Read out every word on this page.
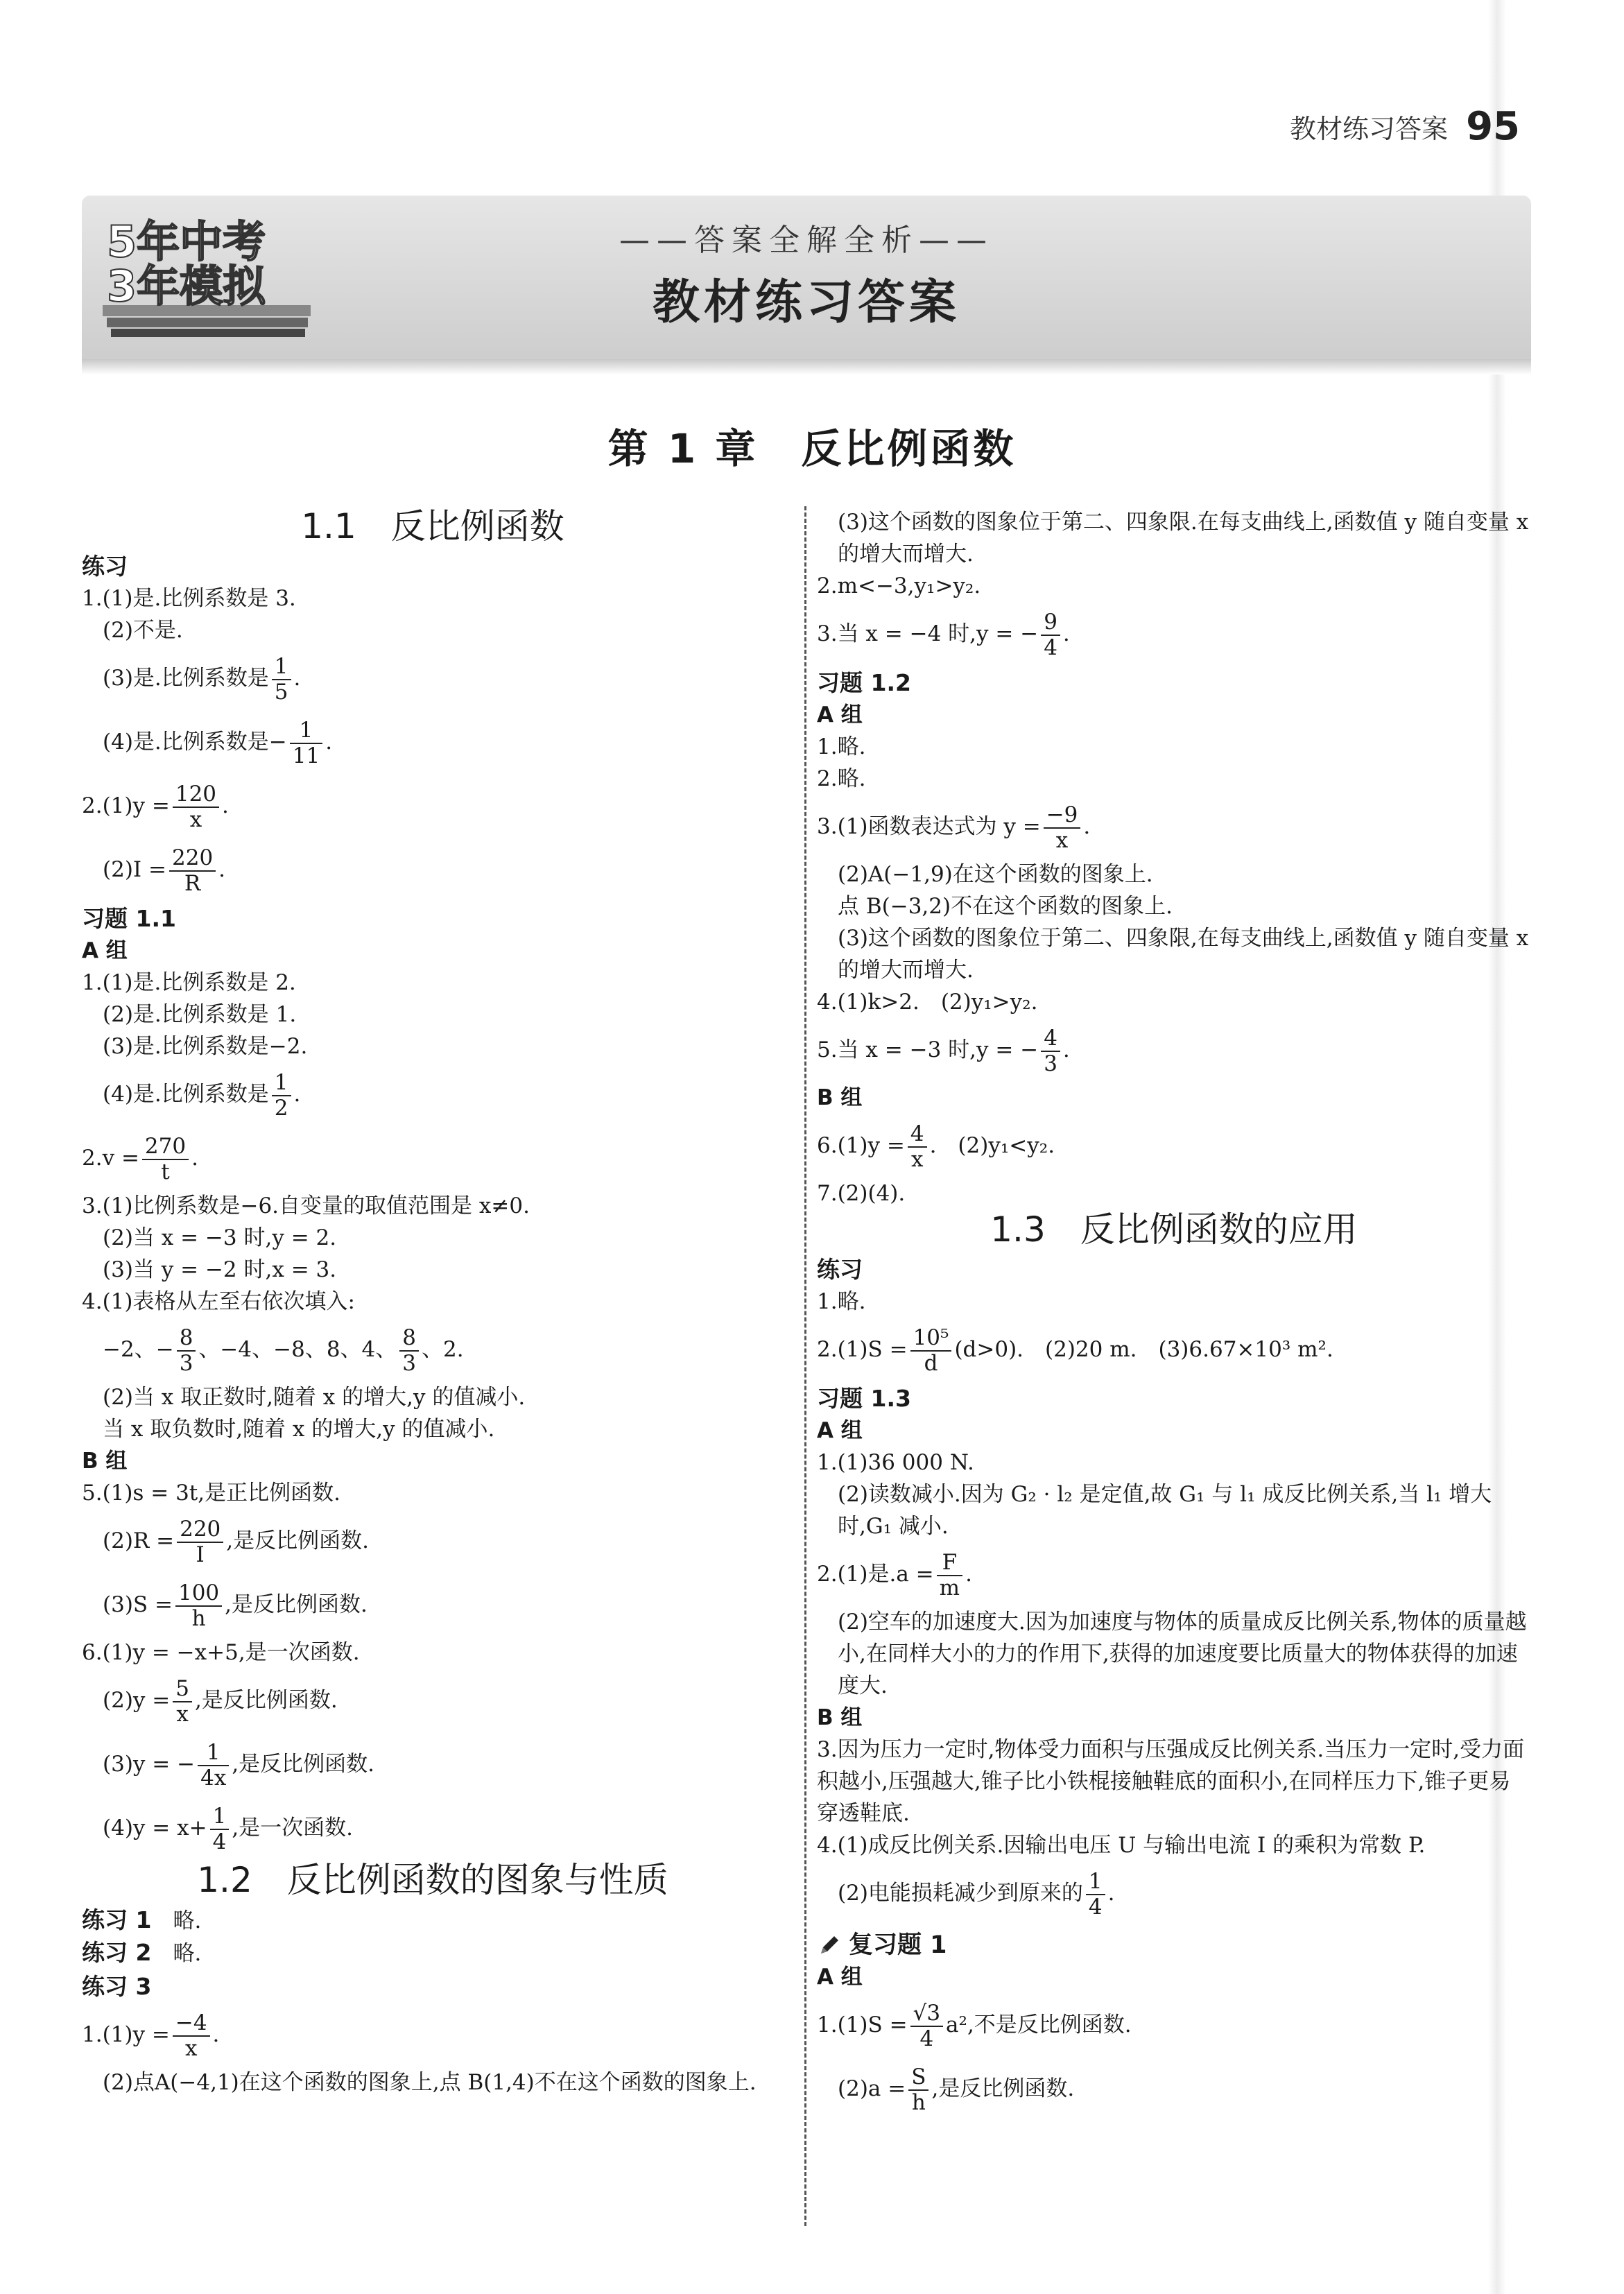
教材练习答案 95
5年中考
3年模拟
——答案全解全析——
教材练习答案
第 1 章　反比例函数
1.1　反比例函数
练习

1.(1)是.比例系数是 3.

(2)不是.

(3)是.比例系数是 $\frac{1}{5}$ .

(4)是.比例系数是− $\frac{1}{11}$ .

$2.(1)y = \frac{120}{x}$ .

$(2)I = \frac{220}{R}$ .

习题 1.1
A 组

1.(1)是.比例系数是 2.

(2)是.比例系数是 1.

(3)是.比例系数是−2.

(4)是.比例系数是 $\frac{1}{2}$ .

$2.v = \frac{270}{t}$ .

3.(1)比例系数是−6.自变量的取值范围是 x≠0.

(2)当 x = −3 时,y = 2.

(3)当 y = −2 时,x = 3.

4.(1)表格从左至右依次填入:

−2、− $\frac{8}{3}$ 、−4、−8、8、4、 $\frac{8}{3}$ 、2.

(2)当 x 取正数时,随着 x 的增大,y 的值减小.

当 x 取负数时,随着 x 的增大,y 的值减小.

B 组

5.(1)s = 3t,是正比例函数.

$(2)R = \frac{220}{I}$ ,是反比例函数.

$(3)S = \frac{100}{h}$ ,是反比例函数.

6.(1)y = −x+5,是一次函数.

$(2)y = \frac{5}{x}$ ,是反比例函数.

(3)y = − $\frac{1}{4x}$ ,是反比例函数.

$(4)y = x+ \frac{1}{4}$ ,是一次函数.

1.2　反比例函数的图象与性质

练习 1　 略.

练习 2　 略.

练习 3

$1.(1)y = \frac{-4}{x}$ .

(2)点A(−4,1)在这个函数的图象上,点 B(1,4)不在这个函数的图象上.

(3)这个函数的图象位于第二、四象限.在每支曲线上,函数值 y 随自变量 x 的增大而增大.

2.m<−3,y₁>y₂.

3.当 x = −4 时,y = − $\frac{9}{4}$ .

习题 1.2
A 组

1.略.

2.略.

3.(1)函数表达式为 $y = \frac{-9}{x}$ .

(2)A(−1,9)在这个函数的图象上.

点 B(−3,2)不在这个函数的图象上.

(3)这个函数的图象位于第二、四象限,在每支曲线上,函数值 y 随自变量 x 的增大而增大.

4.(1)k>2.　(2)y₁>y₂.

5.当 x = −3 时,y = − $\frac{4}{3}$ .

B 组

$6.(1)y = \frac{4}{x}$ .　(2)y₁<y₂.

7.(2)(4).

1.3　反比例函数的应用
练习

1.略.

$2.(1)S = \frac{\text{10⁵}}{d} (d>0)$.　(2)20 m.　(3)6.67×10³ m².

习题 1.3
A 组

1.(1)36 000 N.

(2)读数减小.因为 G₂ · l₂ 是定值,故 G₁ 与 l₁ 成反比例关系,当 l₁ 增大时,G₁ 减小.

2.(1)是$.a = \frac{F}{m}$ .

(2)空车的加速度大.因为加速度与物体的质量成反比例关系,物体的质量越小,在同样大小的力的作用下,获得的加速度要比质量大的物体获得的加速度大.

B 组

3.因为压力一定时,物体受力面积与压强成反比例关系.当压力一定时,受力面积越小,压强越大,锥子比小铁棍接触鞋底的面积小,在同样压力下,锥子更易穿透鞋底.

4.(1)成反比例关系.因输出电压 U 与输出电流 I 的乘积为常数 P.

(2)电能损耗减少到原来的 $\frac{1}{4}$ .

复习题 1
A 组

$1.(1)S = \frac{√3}{4} a^2$,不是反比例函数.

$(2)a = \frac{S}{h}$ ,是反比例函数.
